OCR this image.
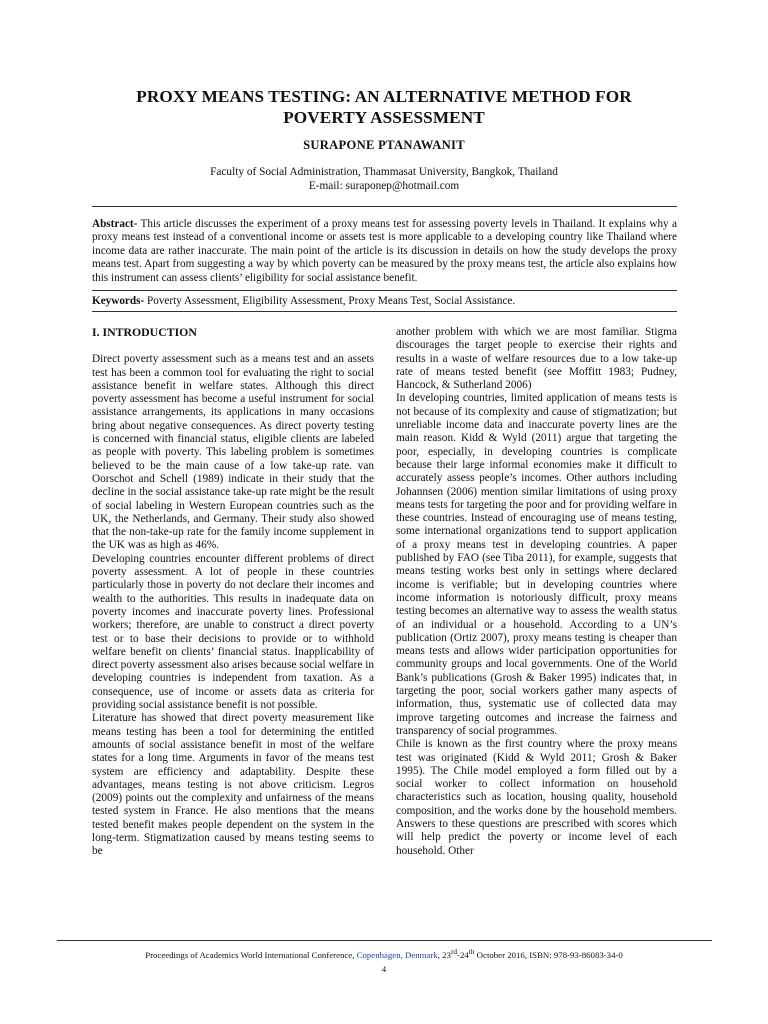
PROXY MEANS TESTING: AN ALTERNATIVE METHOD FOR
POVERTY ASSESSMENT
SURAPONE PTANAWANIT
Faculty of Social Administration, Thammasat University, Bangkok, Thailand
E-mail: suraponep@hotmail.com
Abstract- This article discusses the experiment of a proxy means test for assessing poverty levels in Thailand. It explains why a proxy means test instead of a conventional income or assets test is more applicable to a developing country like Thailand where income data are rather inaccurate. The main point of the article is its discussion in details on how the study develops the proxy means test. Apart from suggesting a way by which poverty can be measured by the proxy means test, the article also explains how this instrument can assess clients’ eligibility for social assistance benefit.
Keywords- Poverty Assessment, Eligibility Assessment, Proxy Means Test, Social Assistance.
I. INTRODUCTION

Direct poverty assessment such as a means test and an assets test has been a common tool for evaluating the right to social assistance benefit in welfare states. Although this direct poverty assessment has become a useful instrument for social assistance arrangements, its applications in many occasions bring about negative consequences. As direct poverty testing is concerned with financial status, eligible clients are labeled as people with poverty. This labeling problem is sometimes believed to be the main cause of a low take-up rate. van Oorschot and Schell (1989) indicate in their study that the decline in the social assistance take-up rate might be the result of social labeling in Western European countries such as the UK, the Netherlands, and Germany. Their study also showed that the non-take-up rate for the family income supplement in the UK was as high as 46%.

Developing countries encounter different problems of direct poverty assessment. A lot of people in these countries particularly those in poverty do not declare their incomes and wealth to the authorities. This results in inadequate data on poverty incomes and inaccurate poverty lines. Professional workers; therefore, are unable to construct a direct poverty test or to base their decisions to provide or to withhold welfare benefit on clients’ financial status. Inapplicability of direct poverty assessment also arises because social welfare in developing countries is independent from taxation. As a consequence, use of income or assets data as criteria for providing social assistance benefit is not possible.

Literature has showed that direct poverty measurement like means testing has been a tool for determining the entitled amounts of social assistance benefit in most of the welfare states for a long time. Arguments in favor of the means test system are efficiency and adaptability. Despite these advantages, means testing is not above criticism. Legros (2009) points out the complexity and unfairness of the means tested system in France. He also mentions that the means tested benefit makes people dependent on the system in the long-term. Stigmatization caused by means testing seems to be

another problem with which we are most familiar. Stigma discourages the target people to exercise their rights and results in a waste of welfare resources due to a low take-up rate of means tested benefit (see Moffitt 1983; Pudney, Hancock, & Sutherland 2006)

In developing countries, limited application of means tests is not because of its complexity and cause of stigmatization; but unreliable income data and inaccurate poverty lines are the main reason. Kidd & Wyld (2011) argue that targeting the poor, especially, in developing countries is complicate because their large informal economies make it difficult to accurately assess people’s incomes. Other authors including Johannsen (2006) mention similar limitations of using proxy means tests for targeting the poor and for providing welfare in these countries. Instead of encouraging use of means testing, some international organizations tend to support application of a proxy means test in developing countries. A paper published by FAO (see Tiba 2011), for example, suggests that means testing works best only in settings where declared income is verifiable; but in developing countries where income information is notoriously difficult, proxy means testing becomes an alternative way to assess the wealth status of an individual or a household. According to a UN’s publication (Ortiz 2007), proxy means testing is cheaper than means tests and allows wider participation opportunities for community groups and local governments. One of the World Bank’s publications (Grosh & Baker 1995) indicates that, in targeting the poor, social workers gather many aspects of information, thus, systematic use of collected data may improve targeting outcomes and increase the fairness and transparency of social programmes.

Chile is known as the first country where the proxy means test was originated (Kidd & Wyld 2011; Grosh & Baker 1995). The Chile model employed a form filled out by a social worker to collect information on household characteristics such as location, housing quality, household composition, and the works done by the household members. Answers to these questions are prescribed with scores which will help predict the poverty or income level of each household. Other

Proceedings of Academics World International Conference, Copenhagen, Denmark, 23rd-24th October 2016, ISBN: 978-93-86083-34-0
4
